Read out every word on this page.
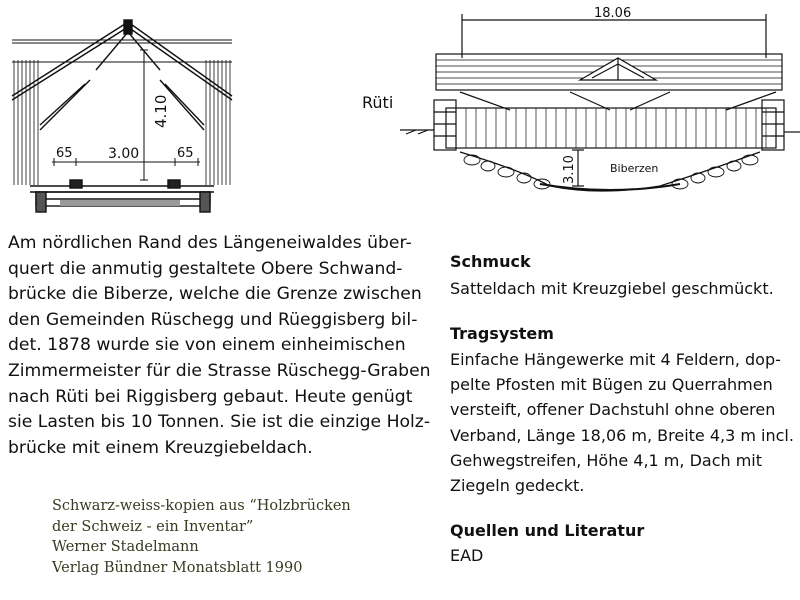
4.10
3.00
65	65
18.06
3.10
Rüti
Biberzen

Am nördlichen Rand des Längeneiwaldes über-
quert die anmutig gestaltete Obere Schwand-
brücke die Biberze, welche die Grenze zwischen
den Gemeinden Rüschegg und Rüeggisberg bil-
det. 1878 wurde sie von einem einheimischen
Zimmermeister für die Strasse Rüschegg-Graben
nach Rüti bei Riggisberg gebaut. Heute genügt
sie Lasten bis 10 Tonnen. Sie ist die einzige Holz-
brücke mit einem Kreuzgiebeldach.

Schmuck

Satteldach mit Kreuzgiebel geschmückt.

Tragsystem

Einfache Hängewerke mit 4 Feldern, dop-
pelte Pfosten mit Bügen zu Querrahmen
versteift, offener Dachstuhl ohne oberen
Verband, Länge 18,06 m, Breite 4,3 m incl.
Gehwegstreifen, Höhe 4,1 m, Dach mit
Ziegeln gedeckt.

Quellen und Literatur

EAD

Schwarz-weiss-kopien aus “Holzbrücken
der Schweiz - ein Inventar”
Werner Stadelmann
Verlag Bündner Monatsblatt 1990
